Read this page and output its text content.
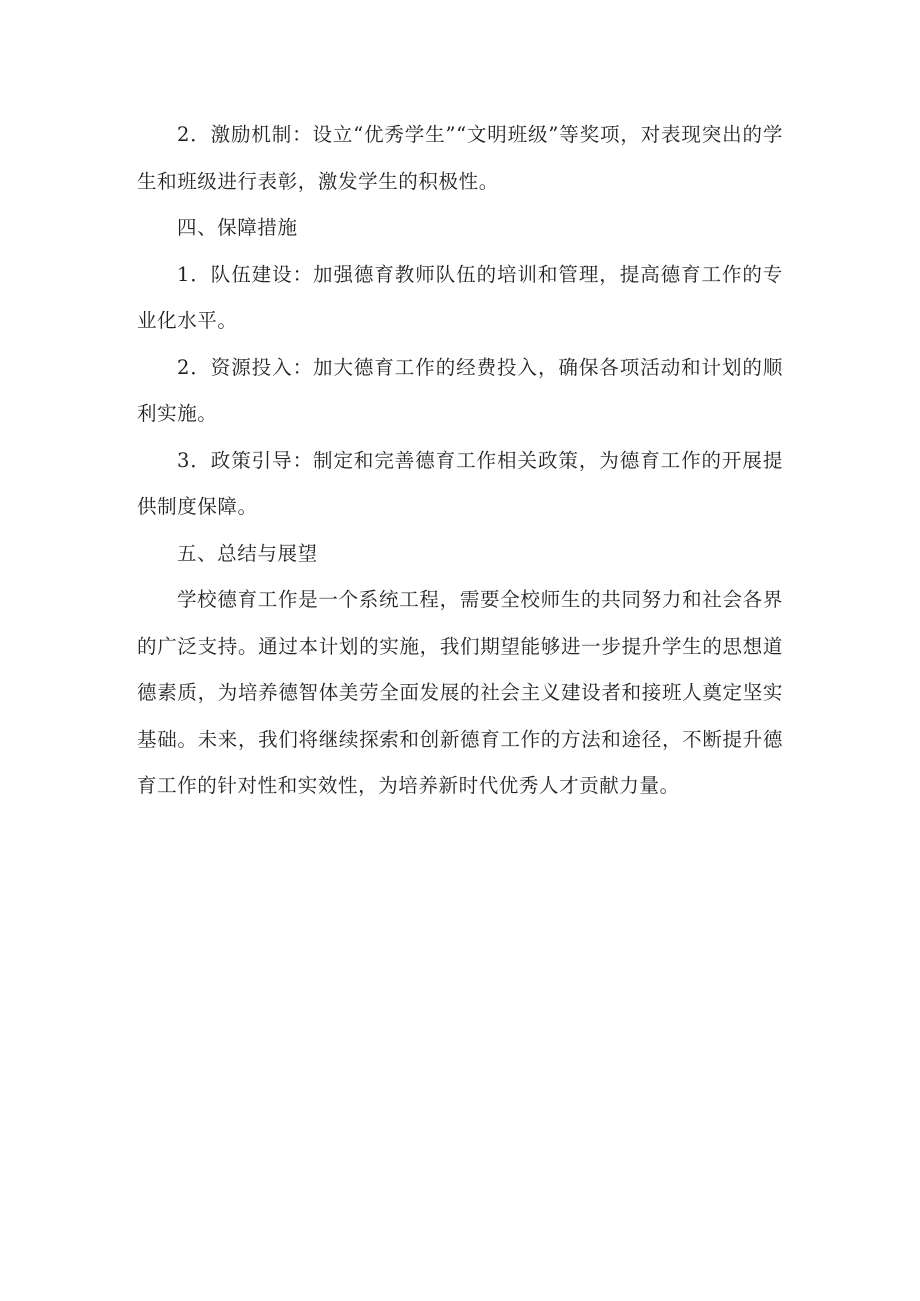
2．激励机制：设立“优秀学生”“文明班级”等奖项，对表现突出的学生和班级进行表彰，激发学生的积极性。

四、保障措施

1．队伍建设：加强德育教师队伍的培训和管理，提高德育工作的专业化水平。

2．资源投入：加大德育工作的经费投入，确保各项活动和计划的顺利实施。

3．政策引导：制定和完善德育工作相关政策，为德育工作的开展提供制度保障。

五、总结与展望

学校德育工作是一个系统工程，需要全校师生的共同努力和社会各界的广泛支持。通过本计划的实施，我们期望能够进一步提升学生的思想道德素质，为培养德智体美劳全面发展的社会主义建设者和接班人奠定坚实基础。未来，我们将继续探索和创新德育工作的方法和途径，不断提升德育工作的针对性和实效性，为培养新时代优秀人才贡献力量。
